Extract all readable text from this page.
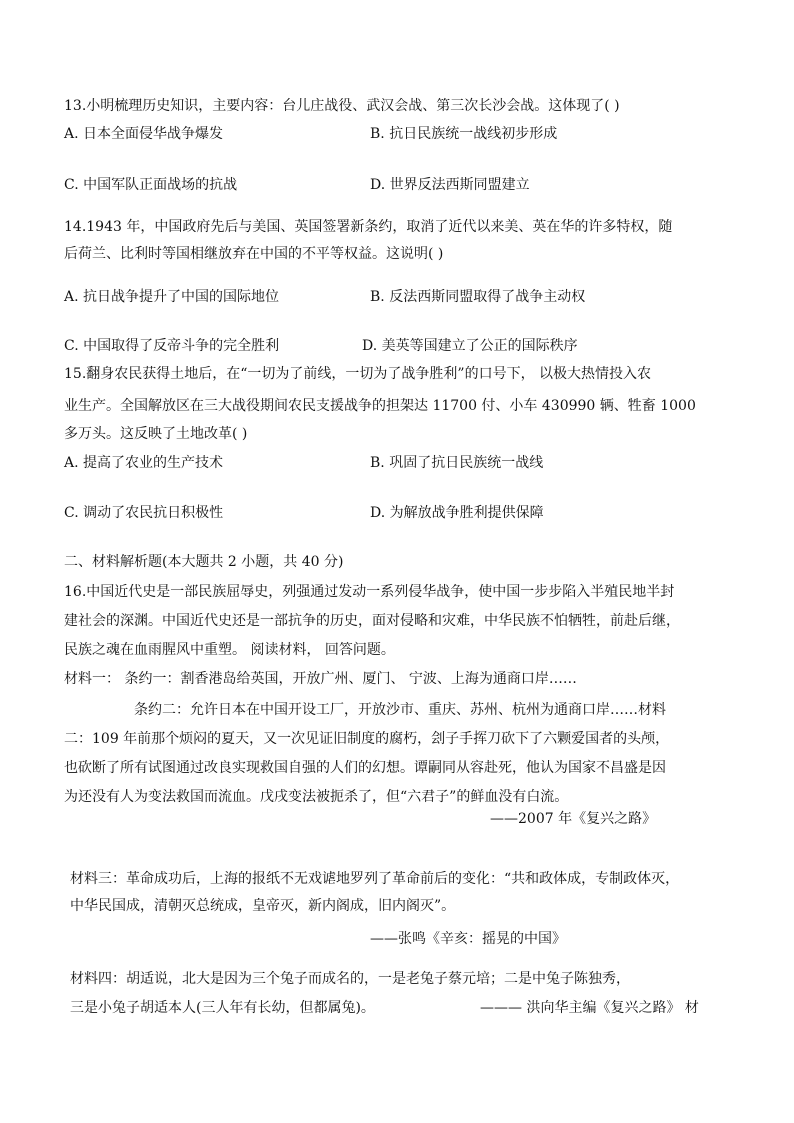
13.小明梳理历史知识，主要内容：台儿庄战役、武汉会战、第三次长沙会战。这体现了( )
A. 日本全面侵华战争爆发	B. 抗日民族统一战线初步形成
C. 中国军队正面战场的抗战	D. 世界反法西斯同盟建立
14.1943 年，中国政府先后与美国、英国签署新条约，取消了近代以来美、英在华的许多特权，随
后荷兰、比利时等国相继放弃在中国的不平等权益。这说明( )
A. 抗日战争提升了中国的国际地位	B. 反法西斯同盟取得了战争主动权
C. 中国取得了反帝斗争的完全胜利	D. 美英等国建立了公正的国际秩序
15.翻身农民获得土地后，在“一切为了前线，一切为了战争胜利”的口号下， 以极大热情投入农
业生产。全国解放区在三大战役期间农民支援战争的担架达 11700 付、小车 430990 辆、牲畜 1000
多万头。这反映了土地改革( )
A. 提高了农业的生产技术	B. 巩固了抗日民族统一战线
C. 调动了农民抗日积极性	D. 为解放战争胜利提供保障
二、材料解析题(本大题共 2 小题，共 40 分)
16.中国近代史是一部民族屈辱史，列强通过发动一系列侵华战争，使中国一步步陷入半殖民地半封
建社会的深渊。中国近代史还是一部抗争的历史，面对侵略和灾难，中华民族不怕牺牲，前赴后继，
民族之魂在血雨腥风中重塑。 阅读材料， 回答问题。
材料一： 条约一：割香港岛给英国，开放广州、厦门、 宁波、上海为通商口岸……
条约二：允许日本在中国开设工厂，开放沙市、重庆、苏州、杭州为通商口岸……材料
二：109 年前那个烦闷的夏天，又一次见证旧制度的腐朽，刽子手挥刀砍下了六颗爱国者的头颅，
也砍断了所有试图通过改良实现救国自强的人们的幻想。谭嗣同从容赴死，他认为国家不昌盛是因
为还没有人为变法救国而流血。戊戌变法被扼杀了，但“六君子”的鲜血没有白流。
——2007 年《复兴之路》
材料三：革命成功后，上海的报纸不无戏谑地罗列了革命前后的变化：“共和政体成，专制政体灭，
中华民国成，清朝灭总统成，皇帝灭，新内阁成，旧内阁灭”。
——张鸣《辛亥：摇晃的中国》
材料四：胡适说，北大是因为三个兔子而成名的，一是老兔子蔡元培；二是中兔子陈独秀，
三是小兔子胡适本人(三人年有长幼，但都属兔)。	——— 洪向华主编《复兴之路》 材
